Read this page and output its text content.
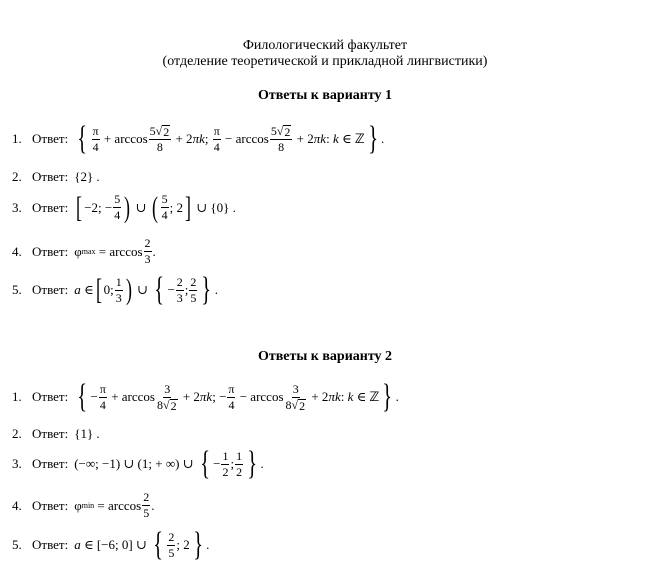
Филологический факультет
(отделение теоретической и прикладной лингвистики)
Ответы к варианту 1
1. Ответ: { $\frac{\pi}{4} + \arccos \frac{5√ 2}{8} + 2$ πk ; $\frac{\pi}{4} - \arccos \frac{5√ 2}{8} + 2$ πk : k ∈ ℤ } .
2. Ответ: {2} .
3. Ответ: [ −2; − $\frac{5}{4}$ ) ∪ ( $\frac{5}{4}$ ; 2 ] ∪ {0} .
4. Ответ: φ $\max = \arccos \frac{2}{3}$ .
5. Ответ: a ∈ [ 0; $\frac{1}{3}$ ) ∪ { − $\frac{2}{3}$ ; $\frac{2}{5}$ } .
Ответы к варианту 2
1. Ответ: { − $\frac{\pi}{4} + \arccos \frac{3}{8√ 2} + 2$ πk ; − $\frac{\pi}{4} - \arccos \frac{3}{8√ 2} + 2$ πk : k ∈ ℤ } .
2. Ответ: {1} .
3. Ответ: (−∞; −1) ∪ (1; + ∞) ∪ { − $\frac{1}{2}$ ; $\frac{1}{2}$ } .
4. Ответ: φ $\min = \arccos \frac{2}{5}$ .
5. Ответ: a ∈ [−6; 0] ∪ { $\frac{2}{5}$ ; 2 } .
